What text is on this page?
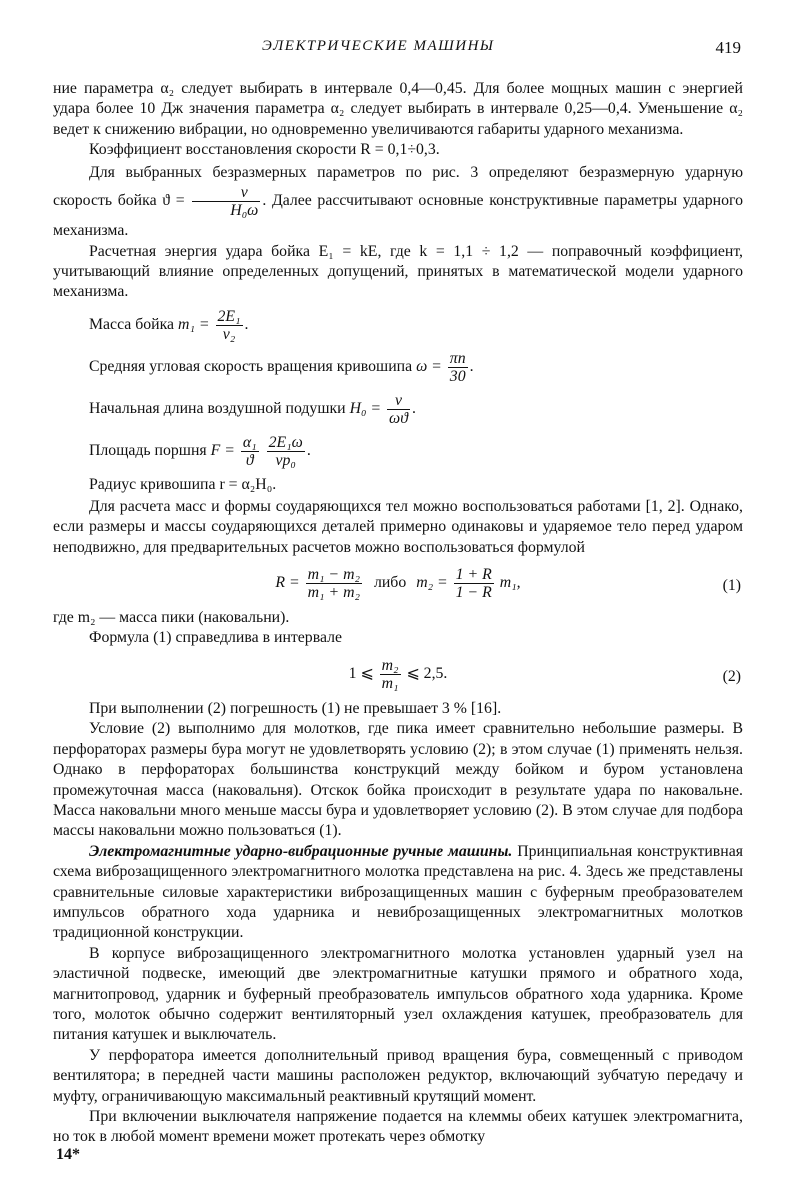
ЭЛЕКТРИЧЕСКИЕ МАШИНЫ	419

ние параметра α₂ следует выбирать в интервале 0,4—0,45. Для более мощных машин с энергией удара более 10 Дж значения параметра α₂ следует выбирать в интервале 0,25—0,4. Уменьшение α₂ ведет к снижению вибрации, но одновременно увеличиваются габариты ударного механизма.

Коэффициент восстановления скорости R = 0,1÷0,3.

Для выбранных безразмерных параметров по рис. 3 определяют безразмерную ударную скорость бойка $ϑ = \frac{v}{\text{H₀ω}}$ . Далее рассчитывают основные конструктивные параметры ударного механизма.

Расчетная энергия удара бойка E₁ = kE, где k = 1,1 ÷ 1,2 — поправочный коэффициент, учитывающий влияние определенных допущений, принятых в математической модели ударного механизма.

Масса бойка $m_1 = \frac{\text{2E₁}}{\text{v₂}}$ .
Средняя угловая скорость вращения кривошипа $\omega = \frac{\pi n}{30}$ .
Начальная длина воздушной подушки $H_0 = \frac{v}{\omega ϑ}$ .
Площадь поршня $F = \frac{\text{α₁}}{ϑ}$
$\frac{\text{2E₁ω}}{\text{vp₀}}$ .
Радиус кривошипа r = α₂H₀.

Для расчета масс и формы соударяющихся тел можно воспользоваться работами [1, 2]. Однако, если размеры и массы соударяющихся деталей примерно одинаковы и ударяемое тело перед ударом неподвижно, для предварительных расчетов можно воспользоваться формулой

$R = \frac{\text{m₁ − m₂}}{\text{m₁ + m₂}}$ либо $m_2 = \frac{1 + R}{1 - R} m_1$,	(1)

где m₂ — масса пики (наковальни).

Формула (1) справедлива в интервале

1 ⩽ $\frac{\text{m₂}}{\text{m₁}}$ ⩽ 2,5.	(2)

При выполнении (2) погрешность (1) не превышает 3 % [16].

Условие (2) выполнимо для молотков, где пика имеет сравнительно небольшие размеры. В перфораторах размеры бура могут не удовлетворять условию (2); в этом случае (1) применять нельзя. Однако в перфораторах большинства конструкций между бойком и буром установлена промежуточная масса (наковальня). Отскок бойка происходит в результате удара по наковальне. Масса наковальни много меньше массы бура и удовлетворяет условию (2). В этом случае для подбора массы наковальни можно пользоваться (1).

Электромагнитные ударно-вибрационные ручные машины. Принципиальная конструктивная схема виброзащищенного электромагнитного молотка представлена на рис. 4. Здесь же представлены сравнительные силовые характеристики виброзащищенных машин с буферным преобразователем импульсов обратного хода ударника и невиброзащищенных электромагнитных молотков традиционной конструкции.

В корпусе виброзащищенного электромагнитного молотка установлен ударный узел на эластичной подвеске, имеющий две электромагнитные катушки прямого и обратного хода, магнитопровод, ударник и буферный преобразователь импульсов обратного хода ударника. Кроме того, молоток обычно содержит вентиляторный узел охлаждения катушек, преобразователь для питания катушек и выключатель.

У перфоратора имеется дополнительный привод вращения бура, совмещенный с приводом вентилятора; в передней части машины расположен редуктор, включающий зубчатую передачу и муфту, ограничивающую максимальный реактивный крутящий момент.

При включении выключателя напряжение подается на клеммы обеих катушек электромагнита, но ток в любой момент времени может протекать через обмотку

14*
